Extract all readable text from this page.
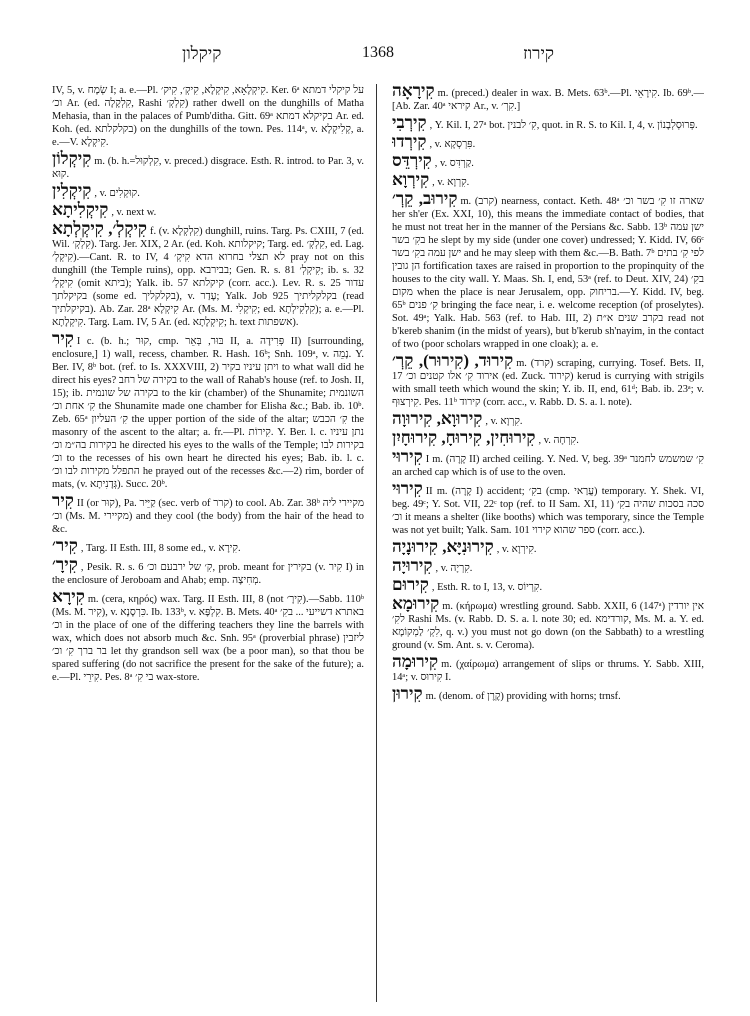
קיקלון	1368	קירוז
IV, 5, v. שְׂמָח I; a. e.—Pl. קִיקְלָאָא, קִיקְלָא, קִיקְ׳, קִיק׳. Ker. 6ᵃ על קיקלי דמתא וכ׳ Ar. (ed. קִלְקָלָה, Rashi קִלְקְ׳) rather dwell on the dunghills of Matha Mehasia, than in the palaces of Pumb'ditha. Gitt. 69ᵃ בקיקלא דמתא Ar. ed. Koh. (ed. בקלקלתא) on the dunghills of the town. Pes. 114ᵃ, v. קְלִיקְלָא, a. e.—V. קִיקְלָא.
קִיקְלוֹן m. (b. h.=קִלְקוּל, v. preced.) disgrace. Esth. R. introd. to Par. 3, v. קוּא.
קִיקְלִין , v. קוּקְלִים.
קִיקְלִיתָא , v. next w.
קִיקְלְ׳, קִיקְלְתָא f. (v. קִלְקְלָא) dunghill, ruins. Targ. Ps. CXIII, 7 (ed. Wil. קִלְקְ׳). Targ. Jer. XIX, 2 Ar. (ed. Koh. קיקלותא; Targ. ed. קִלְקְ׳, ed. Lag. קִיקְלְ׳).—Cant. R. to IV, 4 לא תצלי בחרוא הדא קִיקְ׳ pray not on this dunghill (the Temple ruins), opp. בבירבא; Gen. R. s. 81 קִיקְלְ׳; ib. s. 32 קִיקְלְ׳ (omit ביתא); Yalk. ib. 57 קיקלתא (corr. acc.). Lev. R. s. 25 עדור בקיקלתך (some ed. בקלקליך), v. עָדַר; Yalk. Job 925 בקלקליתיך (read בקיקלתיך). Ab. Zar. 28ᵃ קִיקְלָא Ar. (Ms. M. קִיקְלִי; ed. קִלְקִילְתָא); a. e.—Pl. קִיקְלָתָא. Targ. Lam. IV, 5 Ar. (ed. קִיקְלָתָא; h. text אשפתות).
קִיר I c. (b. h.; קוּר, cmp. בּוּר, בְּאֵר II, a. פְּרִידָה II) [surrounding, enclosure,] 1) wall, recess, chamber. R. Hash. 16ᵇ; Snh. 109ᵃ, v. נָמֵה. Y. Ber. IV, 8ᵇ bot. (ref. to Is. XXXVIII, 2) ויתן עיניו בקיר to what wall did he direct his eyes? בקירה של רחב to the wall of Rahab's house (ref. to Josh. II, 15); ib. בקירה של שונמית to the kir (chamber) of the Shunamite; השונמית קִ׳ אחת וכ׳ the Shunamite made one chamber for Elisha &c.; Bab. ib. 10ᵇ. Zeb. 65ᵃ קִ׳ העליון the upper portion of the side of the altar; קִ׳ הכבש the masonry of the ascent to the altar; a. fr.—Pl. קִירוֹת. Y. Ber. l. c. נתן עיניו בקירות בה״מ וכ׳ he directed his eyes to the walls of the Temple; בקירות לבו וכ׳ to the recesses of his own heart he directed his eyes; Bab. ib. l. c. התפלל מקירות לבו וכ׳ he prayed out of the recesses &c.—2) rim, border of mats, (v. גְּדָנִיתָא). Succ. 20ᵇ.
קִיר II (or קוּר), Pa. קַיֵּיר (sec. verb of קרר) to cool. Ab. Zar. 38ᵇ מקיירי ליה וכ׳ (Ms. M. מקיירי) and they cool (the body) from the hair of the head to &c.
קִיר׳ , Targ. II Esth. III, 8 some ed., v. קִירָא.
קִירָ׳ , Pesik. R. s. 6 קִ׳ של ירבעם וכ׳, prob. meant for בקירין (v. קִיר I) in the enclosure of Jeroboam and Ahab; emp. מְחִיצָה.
קִירָא m. (cera, κηρός) wax. Targ. II Esth. III, 8 (not קִירָ׳).—Sabb. 110ᵇ (Ms. M. קִיר), v. כִּרְסָנָא. Ib. 133ᵇ, v. קִלְפָּא. B. Mets. 40ᵃ באתרא דשייעי ... בקִ׳ וכ׳ in the place of one of the differing teachers they line the barrels with wax, which does not absorb much &c. Snh. 95ᵃ (proverbial phrase) ליזבין בר ברך קִ׳ וכ׳ let thy grandson sell wax (be a poor man), so that thou be spared suffering (do not sacrifice the present for the sake of the future); a. e.—Pl. קִירֵי. Pes. 8ᵃ בי קִ׳ wax-store.
קִירָאָה m. (preced.) dealer in wax. B. Mets. 63ᵇ.—Pl. קִירָאֵי. Ib. 69ᵇ.—[Ab. Zar. 40ᵃ קיראי Ar., v. קִרְ׳.]
קִירְבִי , Y. Kil. I, 27ᵃ bot. קִ׳ לבנין, quot. in R. S. to Kil. I, 4, v. פְּרוּסְלְבָנוֹן.
קִירְדוּ , v. פִּרְסְקָא.
קִירְדֵּס , v. קַרְדִּס.
קִירְוָא , v. קִרְוָא.
קִירוּב, קֵרְ׳ m. (קרב) nearness, contact. Keth. 48ᵃ שארה זו קִ׳ בשר וכ׳ her sh'er (Ex. XXI, 10), this means the immediate contact of bodies, that he must not treat her in the manner of the Persians &c. Sabb. 13ᵇ ישן עמה בקִ׳ בשר he slept by my side (under one cover) undressed; Y. Kidd. IV, 66ᶜ ישן עמה בקִ׳ בשר and he may sleep with them &c.—B. Bath. 7ᵇ לפי קִ׳ בתים הן גובין fortification taxes are raised in proportion to the propinquity of the houses to the city wall. Y. Maas. Sh. I, end, 53ᵃ (ref. to Deut. XIV, 24) בקִ׳ מקום when the place is near Jerusalem, opp. בריחוק.—Y. Kidd. IV, beg. 65ᵇ קִ׳ פנים bringing the face near, i. e. welcome reception (of proselytes). Sot. 49ᵃ; Yalk. Hab. 563 (ref. to Hab. III, 2) בקרב שנים א״ת read not b'kereb shanim (in the midst of years), but b'kerub sh'nayim, in the contact of two (poor scholars wrapped in one cloak); a. e.
קִירוּד, (קִירוּר), קֵרְ׳ m. (קרד) scraping, currying. Tosef. Bets. II, 17 אירוד קִ׳ אלו קטנים וכ׳ (ed. Zuck. קירוד) kerud is currying with strigils with small teeth which wound the skin; Y. ib. II, end, 61ᵈ; Bab. ib. 23ᵃ; v. קִירְצוּף. Pes. 11ᵇ קירוד (corr. acc., v. Rabb. D. S. a. l. note).
קִירוּוָא, קִירוּוָה , v. קִרְוָא.
קִירוּחִין, קִירוּחָ, קִירוּחָיִן , v. קִרְחָה.
קִירוּי I m. (קָרָה II) arched ceiling. Y. Ned. V, beg. 39ᵃ קִ׳ שמשמש לחמנר an arched cap which is of use to the oven.
קִירוּי II m. (קָרָה I) accident; בקִ׳ (cmp. עֲרַאי) temporary. Y. Shek. VI, beg. 49ᶜ; Y. Sot. VII, 22ᶜ top (ref. to II Sam. XI, 11) סכה בסכות שהיה בקִ׳ וכ׳ it means a shelter (like booths) which was temporary, since the Temple was not yet built; Yalk. Sam. 101 ספר שהוא קירוי (corr. acc.).
קִירוּנִיָּא, קִירוּנָיָה , v. קִירְוָא.
קִירוּיָה , v. קִרְיָה.
קִירוּם , Esth. R. to I, 13, v. קִרְיוֹס.
קִירוּמָא m. (κήρωμα) wrestling ground. Sabb. XXII, 6 (147ᵃ) אין יורדין לקִ׳ Rashi Ms. (v. Rabb. D. S. a. l. note 30; ed. קורדימא, Ms. M. a. Y. ed. לִקְ׳ לַמְקוֹמָא, q. v.) you must not go down (on the Sabbath) to a wrestling ground (v. Sm. Ant. s. v. Ceroma).
קִירוּמָה m. (χαίρωμα) arrangement of slips or thrums. Y. Sabb. XIII, 14ᵃ; v. קִירוּס I.
קִירוּן m. (denom. of קֶרֶן) providing with horns; trnsf.
